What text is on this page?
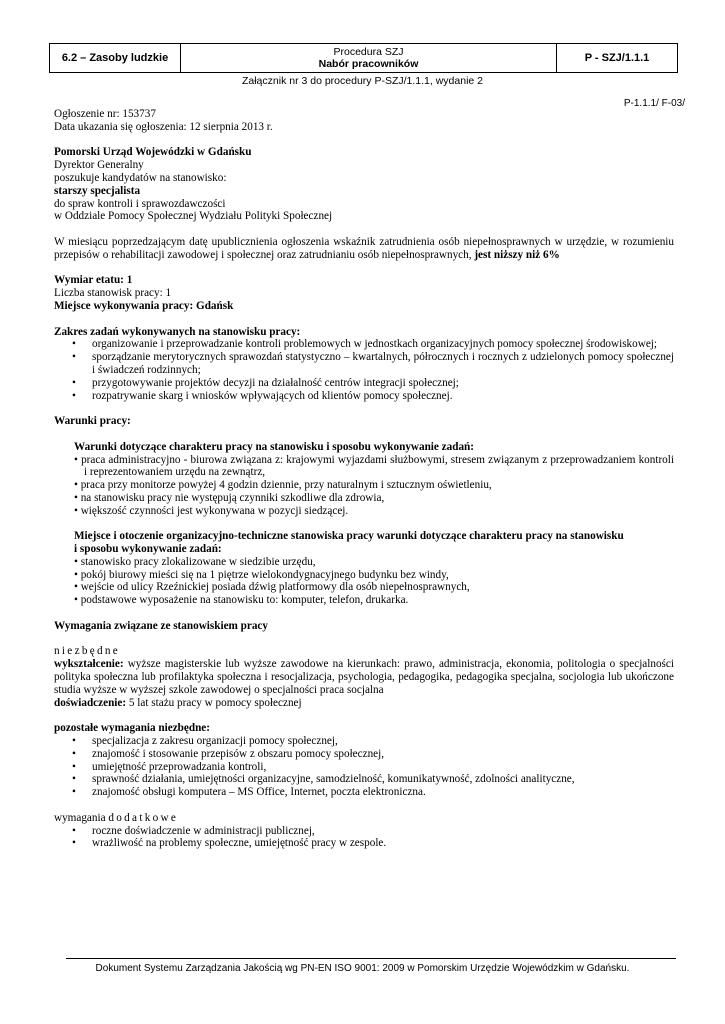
6.2 – Zasoby ludzkie	Procedura SZJ
Nabór pracowników	P - SZJ/1.1.1
Załącznik nr 3 do procedury P-SZJ/1.1.1, wydanie 2
P-1.1.1/ F-03/

Ogłoszenie nr: 153737

Data ukazania się ogłoszenia: 12 sierpnia 2013 r.

Pomorski Urząd Wojewódzki w Gdańsku

Dyrektor Generalny

poszukuje kandydatów na stanowisko:

starszy specjalista

do spraw kontroli i sprawozdawczości

w Oddziale Pomocy Społecznej Wydziału Polityki Społecznej

W miesiącu poprzedzającym datę upublicznienia ogłoszenia wskaźnik zatrudnienia osób niepełnosprawnych w urzędzie, w rozumieniu przepisów o rehabilitacji zawodowej i społecznej oraz zatrudnianiu osób niepełnosprawnych, jest niższy niż 6%

Wymiar etatu: 1

Liczba stanowisk pracy: 1

Miejsce wykonywania pracy: Gdańsk

Zakres zadań wykonywanych na stanowisku pracy:

• organizowanie i przeprowadzanie kontroli problemowych w jednostkach organizacyjnych pomocy społecznej środowiskowej;
• sporządzanie merytorycznych sprawozdań statystyczno – kwartalnych, półrocznych i rocznych z udzielonych pomocy społecznej i świadczeń rodzinnych;
• przygotowywanie projektów decyzji na działalność centrów integracji społecznej;
• rozpatrywanie skarg i wniosków wpływających od klientów pomocy społecznej.

Warunki pracy:

Warunki dotyczące charakteru pracy na stanowisku i sposobu wykonywanie zadań:

• praca administracyjno - biurowa związana z: krajowymi wyjazdami służbowymi, stresem związanym z przeprowadzaniem kontroli i reprezentowaniem urzędu na zewnątrz,

• praca przy monitorze powyżej 4 godzin dziennie, przy naturalnym i sztucznym oświetleniu,

• na stanowisku pracy nie występują czynniki szkodliwe dla zdrowia,

• większość czynności jest wykonywana w pozycji siedzącej.

Miejsce i otoczenie organizacyjno-techniczne stanowiska pracy warunki dotyczące charakteru pracy na stanowisku
i sposobu wykonywanie zadań:

• stanowisko pracy zlokalizowane w siedzibie urzędu,

• pokój biurowy mieści się na 1 piętrze wielokondygnacyjnego budynku bez windy,

• wejście od ulicy Rzeźnickiej posiada dźwig platformowy dla osób niepełnosprawnych,

• podstawowe wyposażenie na stanowisku to: komputer, telefon, drukarka.

Wymagania związane ze stanowiskiem pracy

niezbędne

wykształcenie: wyższe magisterskie lub wyższe zawodowe na kierunkach: prawo, administracja, ekonomia, politologia o specjalności polityka społeczna lub profilaktyka społeczna i resocjalizacja, psychologia, pedagogika, pedagogika specjalna, socjologia lub ukończone studia wyższe w wyższej szkole zawodowej o specjalności praca socjalna

doświadczenie: 5 lat stażu pracy w pomocy społecznej

pozostałe wymagania niezbędne:

• specjalizacja z zakresu organizacji pomocy społecznej,
• znajomość i stosowanie przepisów z obszaru pomocy społecznej,
• umiejętność przeprowadzania kontroli,
• sprawność działania, umiejętności organizacyjne, samodzielność, komunikatywność, zdolności analityczne,
• znajomość obsługi komputera – MS Office, Internet, poczta elektroniczna.

wymagania dodatkowe

• roczne doświadczenie w administracji publicznej,
• wrażliwość na problemy społeczne, umiejętność pracy w zespole.
Dokument Systemu Zarządzania Jakością wg PN-EN ISO 9001: 2009 w Pomorskim Urzędzie Wojewódzkim w Gdańsku.
